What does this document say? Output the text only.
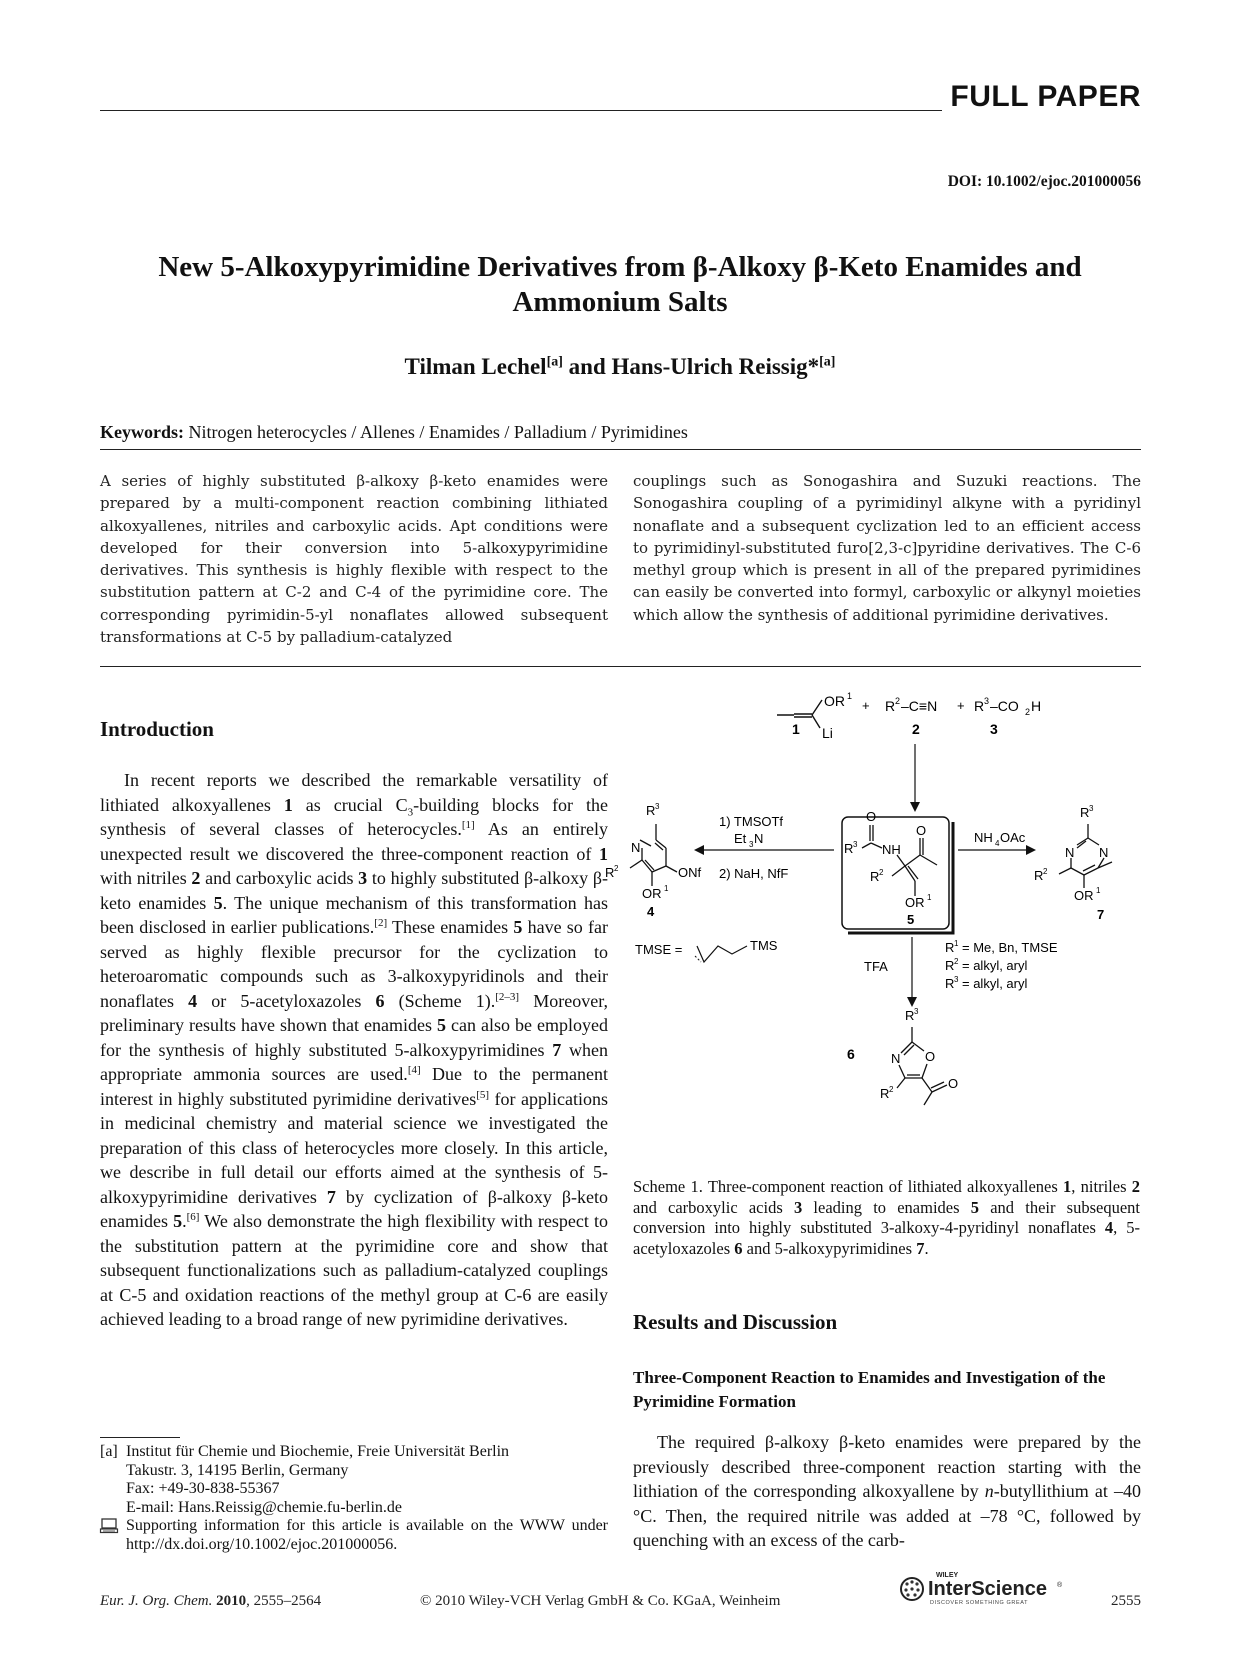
FULL PAPER
DOI: 10.1002/ejoc.201000056
New 5-Alkoxypyrimidine Derivatives from β-Alkoxy β-Keto Enamides and
Ammonium Salts
Tilman Lechel[a] and Hans-Ulrich Reissig*[a]
Keywords: Nitrogen heterocycles / Allenes / Enamides / Palladium / Pyrimidines
A series of highly substituted β-alkoxy β-keto enamides were prepared by a multi-component reaction combining lithiated alkoxyallenes, nitriles and carboxylic acids. Apt conditions were developed for their conversion into 5-alkoxypyrimidine derivatives. This synthesis is highly flexible with respect to the substitution pattern at C-2 and C-4 of the pyrimidine core. The corresponding pyrimidin-5-yl nonaflates allowed subsequent transformations at C-5 by palladium-catalyzed
couplings such as Sonogashira and Suzuki reactions. The Sonogashira coupling of a pyrimidinyl alkyne with a pyridinyl nonaflate and a subsequent cyclization led to an efficient access to pyrimidinyl-substituted furo[2,3-c]pyridine derivatives. The C-6 methyl group which is present in all of the prepared pyrimidines can easily be converted into formyl, carboxylic or alkynyl moieties which allow the synthesis of additional pyrimidine derivatives.
Introduction
In recent reports we described the remarkable versatility of lithiated alkoxyallenes 1 as crucial $C_3$-building blocks for the synthesis of several classes of heterocycles.[1] As an entirely unexpected result we discovered the three-component reaction of 1 with nitriles 2 and carboxylic acids 3 to highly substituted β-alkoxy β-keto enamides 5. The unique mechanism of this transformation has been disclosed in earlier publications.[2] These enamides 5 have so far served as highly flexible precursor for the cyclization to heteroaromatic compounds such as 3-alkoxypyridinols and their nonaflates 4 or 5-acetyloxazoles 6 (Scheme 1).[2–3] Moreover, preliminary results have shown that enamides 5 can also be employed for the synthesis of highly substituted 5-alkoxypyrimidines 7 when appropriate ammonia sources are used.[4] Due to the permanent interest in highly substituted pyrimidine derivatives[5] for applications in medicinal chemistry and material science we investigated the preparation of this class of heterocycles more closely. In this article, we describe in full detail our efforts aimed at the synthesis of 5-alkoxypyrimidine derivatives 7 by cyclization of β-alkoxy β-keto enamides 5.[6] We also demonstrate the high flexibility with respect to the substitution pattern at the pyrimidine core and show that subsequent functionalizations such as palladium-catalyzed couplings at C-5 and oxidation reactions of the methyl group at C-6 are easily achieved leading to a broad range of new pyrimidine derivatives.
[a] Institut für Chemie und Biochemie, Freie Universität Berlin
Takustr. 3, 14195 Berlin, Germany
Fax: +49-30-838-55367
E-mail: Hans.Reissig@chemie.fu-berlin.de
Supporting information for this article is available on the WWW under http://dx.doi.org/10.1002/ejoc.201000056.
OR 1
Li
1
+ R 2 –C≡N
2
+ R 3 –CO 2 H
3
O
R 3 NH
O
R 2
OR 1
5
1) TMSOTf
Et 3 N
2) NaH, NfF
R 3
N
ONf
R 2
OR 1
4
NH 4 OAc
R 3
N N
R 2
OR 1
7
TMSE =	TMS
TFA
R 1 = Me, Bn, TMSE
R 2 = alkyl, aryl
R 3 = alkyl, aryl
R 3
N O
R 2	O
6
Scheme 1. Three-component reaction of lithiated alkoxyallenes 1, nitriles 2 and carboxylic acids 3 leading to enamides 5 and their subsequent conversion into highly substituted 3-alkoxy-4-pyridinyl nonaflates 4, 5-acetyloxazoles 6 and 5-alkoxypyrimidines 7.
Results and Discussion
Three-Component Reaction to Enamides and Investigation of the Pyrimidine Formation
The required β-alkoxy β-keto enamides were prepared by the previously described three-component reaction starting with the lithiation of the corresponding alkoxyallene by n-butyllithium at –40 °C. Then, the required nitrile was added at –78 °C, followed by quenching with an excess of the carb-
Eur. J. Org. Chem. 2010, 2555–2564	© 2010 Wiley-VCH Verlag GmbH & Co. KGaA, Weinheim	2555
WILEY
InterScience ®
DISCOVER SOMETHING GREAT
